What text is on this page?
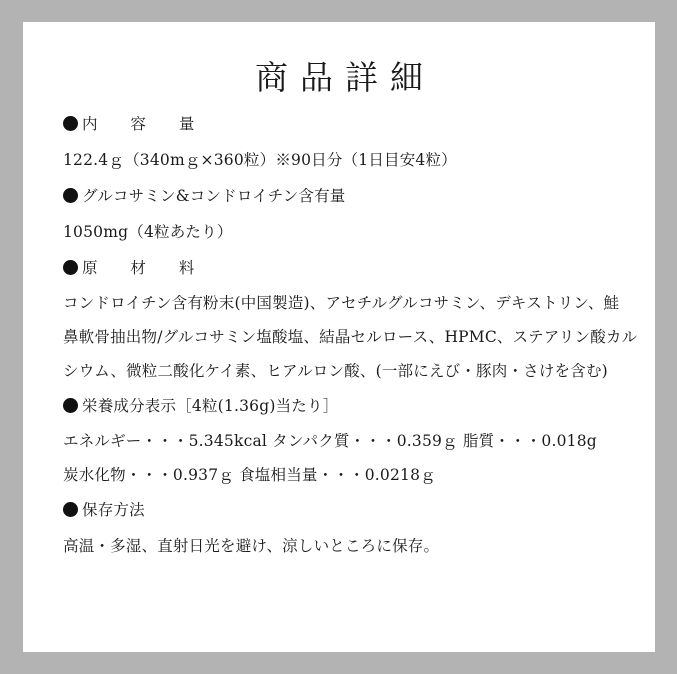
商品詳細
内 容 量
122.4ｇ（340mｇ×360粒）※90日分（1日目安4粒）
グルコサミン&コンドロイチン含有量
1050mg（4粒あたり）
原 材 料
コンドロイチン含有粉末(中国製造)、アセチルグルコサミン、デキストリン、鮭
鼻軟骨抽出物/グルコサミン塩酸塩、結晶セルロース、HPMC、ステアリン酸カル
シウム、微粒二酸化ケイ素、ヒアルロン酸、(一部にえび・豚肉・さけを含む)
栄養成分表示［4粒(1.36g)当たり］
エネルギー・・・5.345kcal タンパク質・・・0.359ｇ 脂質・・・0.018g
炭水化物・・・0.937ｇ 食塩相当量・・・0.0218ｇ
保存方法
高温・多湿、直射日光を避け、涼しいところに保存。
